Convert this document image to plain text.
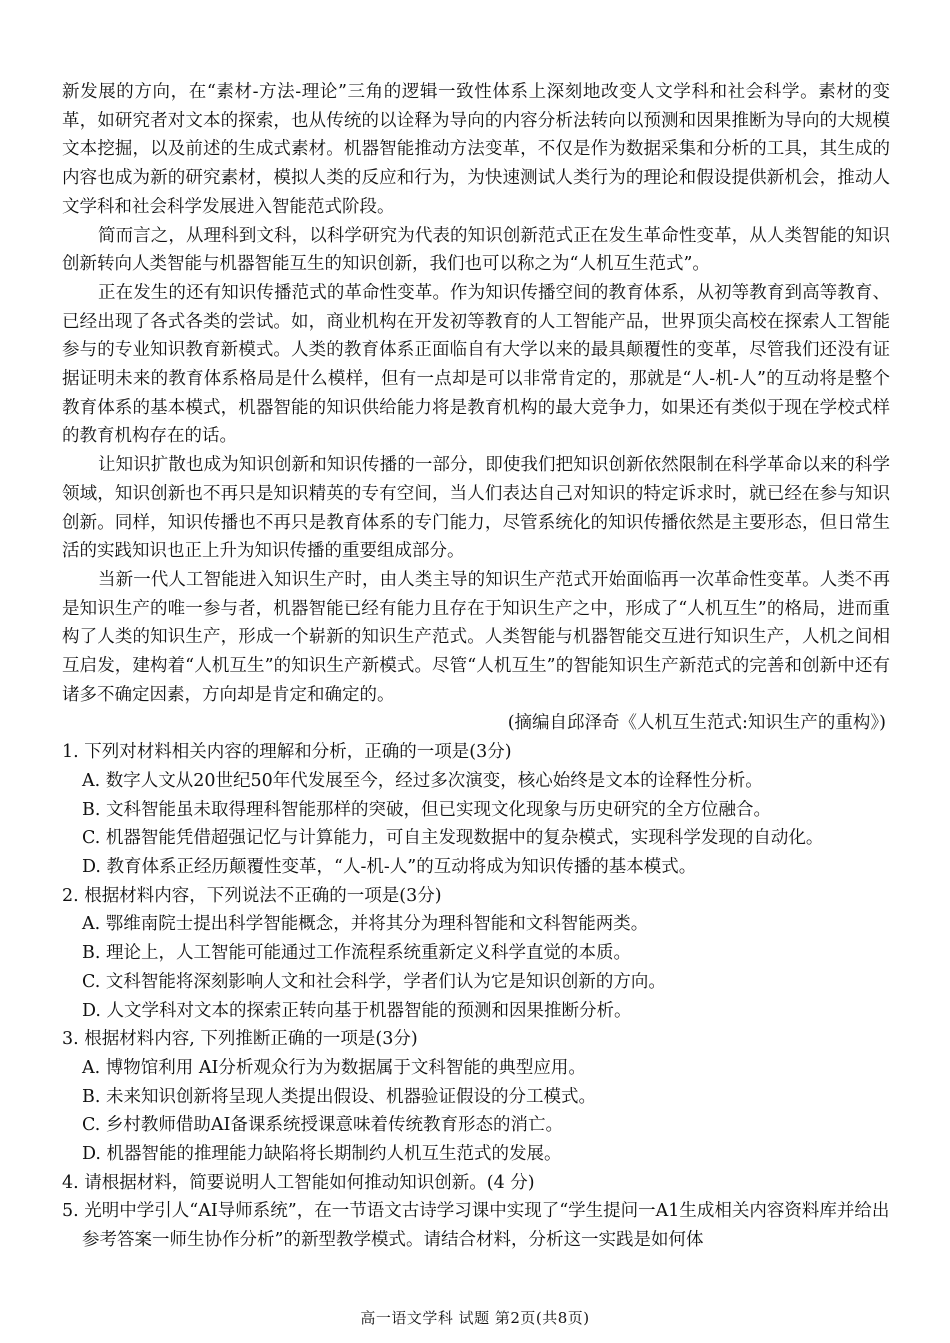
新发展的方向，在“素材-方法-理论”三角的逻辑一致性体系上深刻地改变人文学科和社会科学。素材的变革，如研究者对文本的探索，也从传统的以诠释为导向的内容分析法转向以预测和因果推断为导向的大规模文本挖掘，以及前述的生成式素材。机器智能推动方法变革，不仅是作为数据采集和分析的工具，其生成的内容也成为新的研究素材，模拟人类的反应和行为，为快速测试人类行为的理论和假设提供新机会，推动人文学科和社会科学发展进入智能范式阶段。

简而言之，从理科到文科，以科学研究为代表的知识创新范式正在发生革命性变革，从人类智能的知识创新转向人类智能与机器智能互生的知识创新，我们也可以称之为“人机互生范式”。

正在发生的还有知识传播范式的革命性变革。作为知识传播空间的教育体系，从初等教育到高等教育、已经出现了各式各类的尝试。如，商业机构在开发初等教育的人工智能产品，世界顶尖高校在探索人工智能参与的专业知识教育新模式。人类的教育体系正面临自有大学以来的最具颠覆性的变革，尽管我们还没有证据证明未来的教育体系格局是什么模样，但有一点却是可以非常肯定的，那就是“人-机-人”的互动将是整个教育体系的基本模式，机器智能的知识供给能力将是教育机构的最大竞争力，如果还有类似于现在学校式样的教育机构存在的话。

让知识扩散也成为知识创新和知识传播的一部分，即使我们把知识创新依然限制在科学革命以来的科学领域，知识创新也不再只是知识精英的专有空间，当人们表达自己对知识的特定诉求时，就已经在参与知识创新。同样，知识传播也不再只是教育体系的专门能力，尽管系统化的知识传播依然是主要形态，但日常生活的实践知识也正上升为知识传播的重要组成部分。

当新一代人工智能进入知识生产时，由人类主导的知识生产范式开始面临再一次革命性变革。人类不再是知识生产的唯一参与者，机器智能已经有能力且存在于知识生产之中，形成了“人机互生”的格局，进而重构了人类的知识生产，形成一个崭新的知识生产范式。人类智能与机器智能交互进行知识生产，人机之间相互启发，建构着“人机互生”的知识生产新模式。尽管“人机互生”的智能知识生产新范式的完善和创新中还有诸多不确定因素，方向却是肯定和确定的。

(摘编自邱泽奇《人机互生范式:知识生产的重构》)

1. 下列对材料相关内容的理解和分析，正确的一项是(3分)

A. 数字人文从20世纪50年代发展至今，经过多次演变，核心始终是文本的诠释性分析。

B. 文科智能虽未取得理科智能那样的突破，但已实现文化现象与历史研究的全方位融合。

C. 机器智能凭借超强记忆与计算能力，可自主发现数据中的复杂模式，实现科学发现的自动化。

D. 教育体系正经历颠覆性变革，“人-机-人”的互动将成为知识传播的基本模式。

2. 根据材料内容，下列说法不正确的一项是(3分)

A. 鄂维南院士提出科学智能概念，并将其分为理科智能和文科智能两类。

B. 理论上，人工智能可能通过工作流程系统重新定义科学直觉的本质。

C. 文科智能将深刻影响人文和社会科学，学者们认为它是知识创新的方向。

D. 人文学科对文本的探索正转向基于机器智能的预测和因果推断分析。

3. 根据材料内容, 下列推断正确的一项是(3分)

A. 博物馆利用 AI分析观众行为为数据属于文科智能的典型应用。

B. 未来知识创新将呈现人类提出假设、机器验证假设的分工模式。

C. 乡村教师借助AI备课系统授课意味着传统教育形态的消亡。

D. 机器智能的推理能力缺陷将长期制约人机互生范式的发展。

4. 请根据材料，简要说明人工智能如何推动知识创新。(4 分)

5. 光明中学引人“AI导师系统”，在一节语文古诗学习课中实现了“学生提问一A1生成相关内容资料库并给出参考答案一师生协作分析”的新型教学模式。请结合材料，分析这一实践是如何体

高一语文学科 试题 第2页(共8页)
